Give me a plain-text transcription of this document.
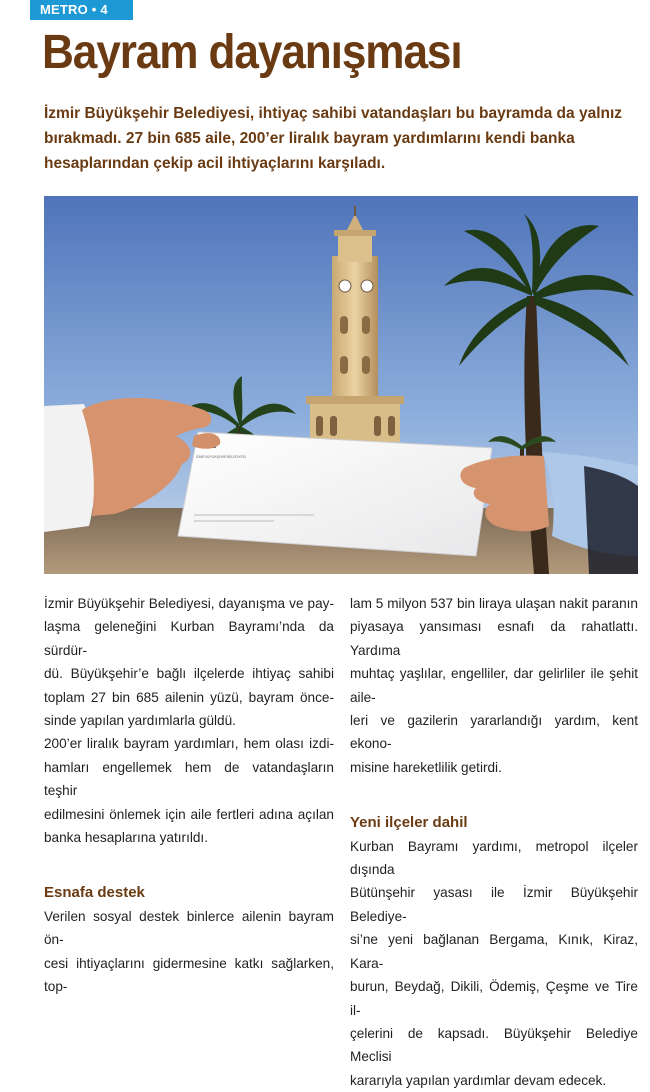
METRO • 4
Bayram dayanışması
İzmir Büyükşehir Belediyesi, ihtiyaç sahibi vatandaşları bu bayramda da yalnız
bırakmadı. 27 bin 685 aile, 200’er liralık bayram yardımlarını kendi banka
hesaplarından çekip acil ihtiyaçlarını karşıladı.
İZMİR BÜYÜKŞEHİR BELEDİYESİ

İzmir Büyükşehir Belediyesi, dayanışma ve pay-
laşma geleneğini Kurban Bayramı’nda da sürdür-
dü. Büyükşehir’e bağlı ilçelerde ihtiyaç sahibi
toplam 27 bin 685 ailenin yüzü, bayram önce-
sinde yapılan yardımlarla güldü.

200’er liralık bayram yardımları, hem olası izdi-
hamları engellemek hem de vatandaşların teşhir
edilmesini önlemek için aile fertleri adına açılan
banka hesaplarına yatırıldı.

Esnafa destek

Verilen sosyal destek binlerce ailenin bayram ön-
cesi ihtiyaçlarını gidermesine katkı sağlarken, top-

lam 5 milyon 537 bin liraya ulaşan nakit paranın
piyasaya yansıması esnafı da rahatlattı. Yardıma
muhtaç yaşlılar, engelliler, dar gelirliler ile şehit aile-
leri ve gazilerin yararlandığı yardım, kent ekono-
misine hareketlilik getirdi.

Yeni ilçeler dahil

Kurban Bayramı yardımı, metropol ilçeler dışında
Bütünşehir yasası ile İzmir Büyükşehir Belediye-
si’ne yeni bağlanan Bergama, Kınık, Kiraz, Kara-
burun, Beydağ, Dikili, Ödemiş, Çeşme ve Tire il-
çelerini de kapsadı. Büyükşehir Belediye Meclisi
kararıyla yapılan yardımlar devam edecek.
